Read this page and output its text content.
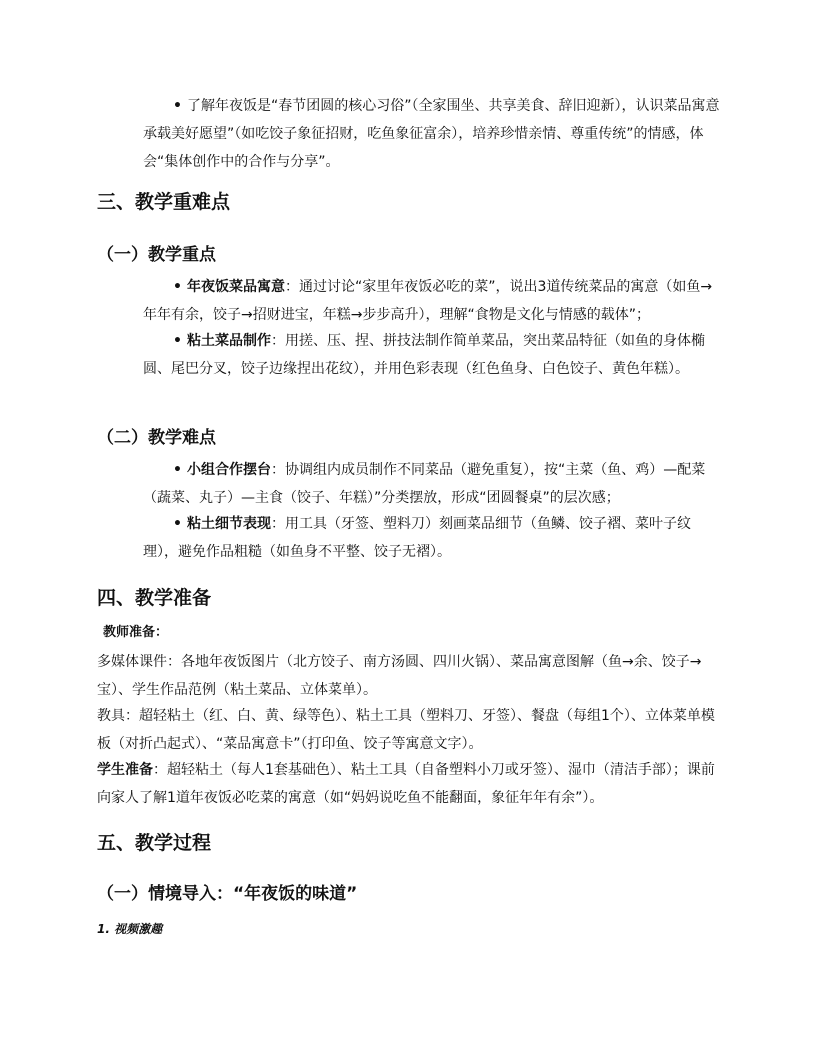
• 了解年夜饭是“春节团圆的核心习俗”（全家围坐、共享美食、辞旧迎新），认识菜品寓意承载美好愿望”（如吃饺子象征招财，吃鱼象征富余），培养珍惜亲情、尊重传统”的情感，体会“集体创作中的合作与分享”。

三、教学重难点
（一）教学重点

• 年夜饭菜品寓意：通过讨论“家里年夜饭必吃的菜”，说出3道传统菜品的寓意（如鱼→年年有余，饺子→招财进宝，年糕→步步高升），理解“食物是文化与情感的载体”；

• 粘土菜品制作：用搓、压、捏、拼技法制作简单菜品，突出菜品特征（如鱼的身体椭圆、尾巴分叉，饺子边缘捏出花纹），并用色彩表现（红色鱼身、白色饺子、黄色年糕）。

（二）教学难点

• 小组合作摆台：协调组内成员制作不同菜品（避免重复），按“主菜（鱼、鸡）—配菜（蔬菜、丸子）—主食（饺子、年糕）”分类摆放，形成“团圆餐桌”的层次感；

• 粘土细节表现：用工具（牙签、塑料刀）刻画菜品细节（鱼鳞、饺子褶、菜叶子纹理），避免作品粗糙（如鱼身不平整、饺子无褶）。

四、教学准备

教师准备：

多媒体课件：各地年夜饭图片（北方饺子、南方汤圆、四川火锅）、菜品寓意图解（鱼→余、饺子→宝）、学生作品范例（粘土菜品、立体菜单）。

教具：超轻粘土（红、白、黄、绿等色）、粘土工具（塑料刀、牙签）、餐盘（每组1个）、立体菜单模板（对折凸起式）、“菜品寓意卡”（打印鱼、饺子等寓意文字）。

学生准备：超轻粘土（每人1套基础色）、粘土工具（自备塑料小刀或牙签）、湿巾（清洁手部）；课前向家人了解1道年夜饭必吃菜的寓意（如“妈妈说吃鱼不能翻面，象征年年有余”）。

五、教学过程
（一）情境导入：“年夜饭的味道”

1. 视频激趣
